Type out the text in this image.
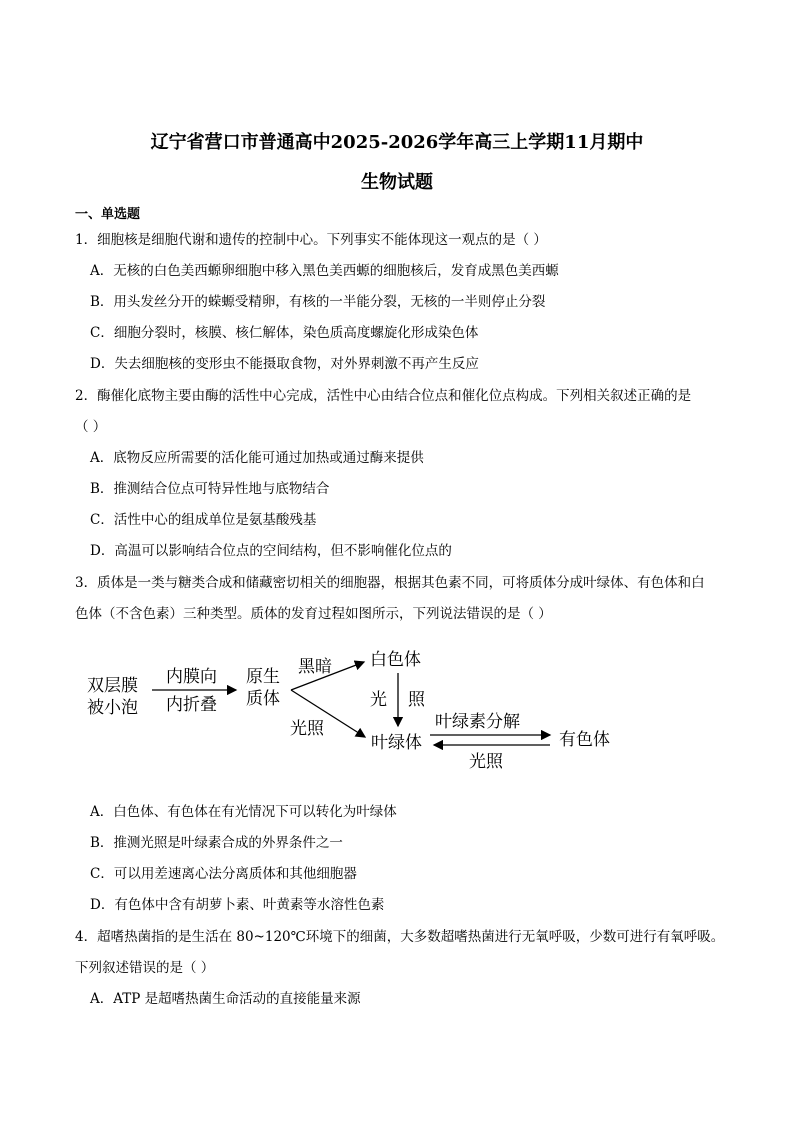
辽宁省营口市普通高中2025-2026学年高三上学期11月期中
生物试题
一、单选题
1．细胞核是细胞代谢和遗传的控制中心。下列事实不能体现这一观点的是（ ）
A．无核的白色美西螈卵细胞中移入黑色美西螈的细胞核后，发育成黑色美西螈
B．用头发丝分开的蝾螈受精卵，有核的一半能分裂，无核的一半则停止分裂
C．细胞分裂时，核膜、核仁解体，染色质高度螺旋化形成染色体
D．失去细胞核的变形虫不能摄取食物，对外界刺激不再产生反应
2．酶催化底物主要由酶的活性中心完成，活性中心由结合位点和催化位点构成。下列相关叙述正确的是
（ ）
A．底物反应所需要的活化能可通过加热或通过酶来提供
B．推测结合位点可特异性地与底物结合
C．活性中心的组成单位是氨基酸残基
D．高温可以影响结合位点的空间结构，但不影响催化位点的
3．质体是一类与糖类合成和储藏密切相关的细胞器，根据其色素不同，可将质体分成叶绿体、有色体和白
色体（不含色素）三种类型。质体的发育过程如图所示，下列说法错误的是（ ）
双层膜
被小泡
内膜向
内折叠
原生
质体
黑暗
光照
白色体
光 照
叶绿体
叶绿素分解
光照
有色体
A．白色体、有色体在有光情况下可以转化为叶绿体
B．推测光照是叶绿素合成的外界条件之一
C．可以用差速离心法分离质体和其他细胞器
D．有色体中含有胡萝卜素、叶黄素等水溶性色素
4．超嗜热菌指的是生活在 80~120℃环境下的细菌，大多数超嗜热菌进行无氧呼吸，少数可进行有氧呼吸。
下列叙述错误的是（ ）
A．ATP 是超嗜热菌生命活动的直接能量来源
